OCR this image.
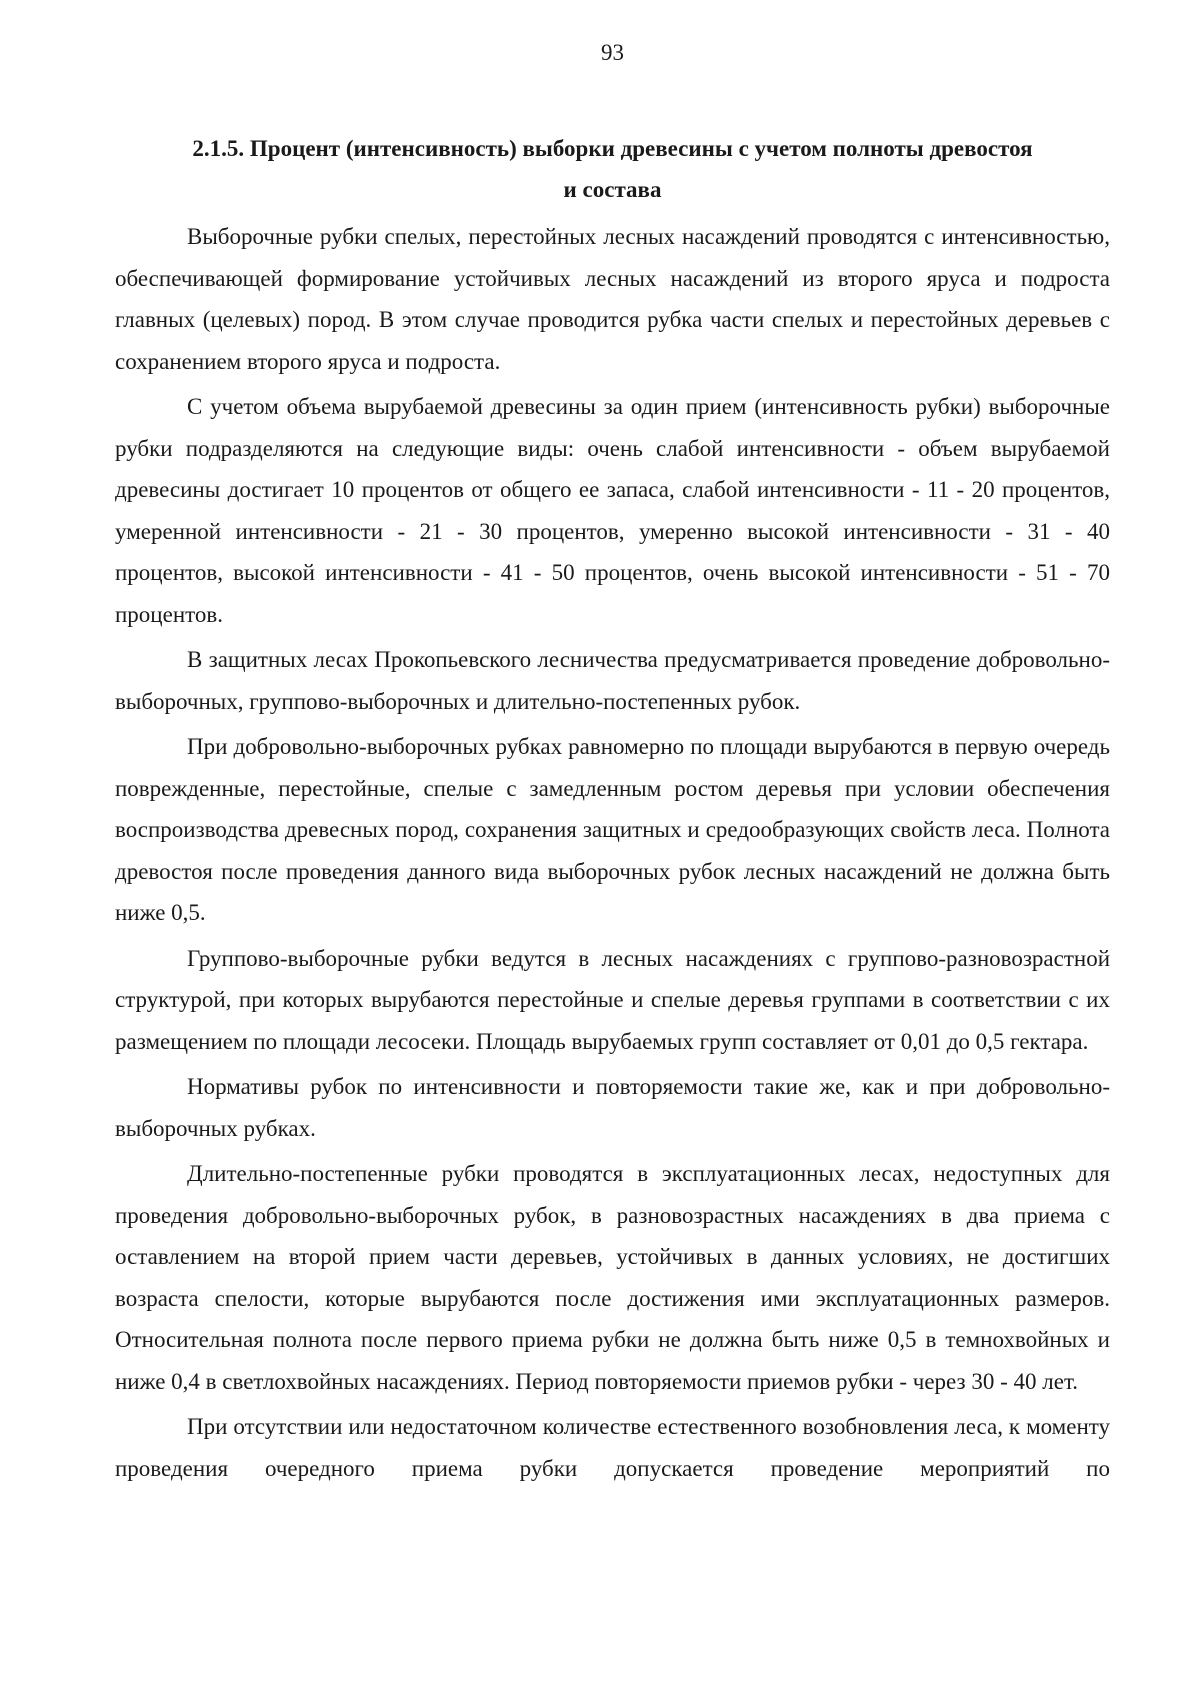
93
2.1.5. Процент (интенсивность) выборки древесины с учетом полноты древостоя
и состава

Выборочные рубки спелых, перестойных лесных насаждений проводятся с интенсивностью, обеспечивающей формирование устойчивых лесных насаждений из второго яруса и подроста главных (целевых) пород. В этом случае проводится рубка части спелых и перестойных деревьев с сохранением второго яруса и подроста.

С учетом объема вырубаемой древесины за один прием (интенсивность рубки) выборочные рубки подразделяются на следующие виды: очень слабой интенсивности - объем вырубаемой древесины достигает 10 процентов от общего ее запаса, слабой интенсивности - 11 - 20 процентов, умеренной интенсивности - 21 - 30 процентов, умеренно высокой интенсивности - 31 - 40 процентов, высокой интенсивности - 41 - 50 процентов, очень высокой интенсивности - 51 - 70 процентов.

В защитных лесах Прокопьевского лесничества предусматривается проведение добровольно-выборочных, группово-выборочных и длительно-постепенных рубок.

При добровольно-выборочных рубках равномерно по площади вырубаются в первую очередь поврежденные, перестойные, спелые с замедленным ростом деревья при условии обеспечения воспроизводства древесных пород, сохранения защитных и средообразующих свойств леса. Полнота древостоя после проведения данного вида выборочных рубок лесных насаждений не должна быть ниже 0,5.

Группово-выборочные рубки ведутся в лесных насаждениях с группово-разновозрастной структурой, при которых вырубаются перестойные и спелые деревья группами в соответствии с их размещением по площади лесосеки. Площадь вырубаемых групп составляет от 0,01 до 0,5 гектара.

Нормативы рубок по интенсивности и повторяемости такие же, как и при добровольно-выборочных рубках.

Длительно-постепенные рубки проводятся в эксплуатационных лесах, недоступных для проведения добровольно-выборочных рубок, в разновозрастных насаждениях в два приема с оставлением на второй прием части деревьев, устойчивых в данных условиях, не достигших возраста спелости, которые вырубаются после достижения ими эксплуатационных размеров. Относительная полнота после первого приема рубки не должна быть ниже 0,5 в темнохвойных и ниже 0,4 в светлохвойных насаждениях. Период повторяемости приемов рубки - через 30 - 40 лет.

При отсутствии или недостаточном количестве естественного возобновления леса, к моменту проведения очередного приема рубки допускается проведение мероприятий по
